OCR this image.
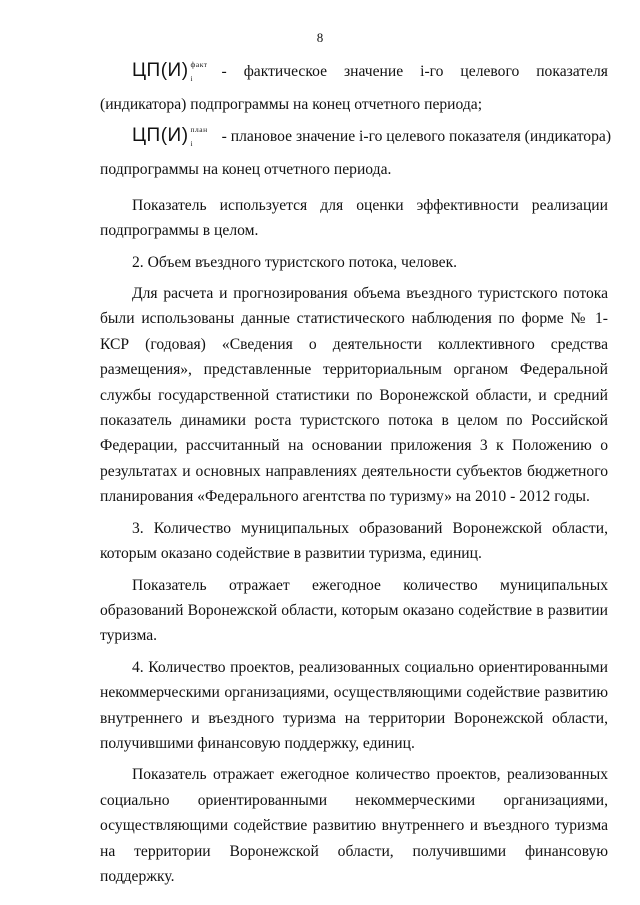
8
ЦП(И) факт
i	- фактическое значение i-го целевого показателя

(индикатора) подпрограммы на конец отчетного периода;

ЦП(И) план
i	- плановое значение i-го целевого показателя (индикатора)

подпрограммы на конец отчетного периода.

Показатель используется для оценки эффективности реализации подпрограммы в целом.

2. Объем въездного туристского потока, человек.

Для расчета и прогнозирования объема въездного туристского потока были использованы данные статистического наблюдения по форме № 1-КСР (годовая) «Сведения о деятельности коллективного средства размещения», представленные территориальным органом Федеральной службы государственной статистики по Воронежской области, и средний показатель динамики роста туристского потока в целом по Российской Федерации, рассчитанный на основании приложения 3 к Положению о результатах и основных направлениях деятельности субъектов бюджетного планирования «Федерального агентства по туризму» на 2010 - 2012 годы.

3. Количество муниципальных образований Воронежской области, которым оказано содействие в развитии туризма, единиц.

Показатель отражает ежегодное количество муниципальных образований Воронежской области, которым оказано содействие в развитии туризма.

4. Количество проектов, реализованных социально ориентированными некоммерческими организациями, осуществляющими содействие развитию внутреннего и въездного туризма на территории Воронежской области, получившими финансовую поддержку, единиц.

Показатель отражает ежегодное количество проектов, реализованных социально ориентированными некоммерческими организациями, осуществляющими содействие развитию внутреннего и въездного туризма на территории Воронежской области, получившими финансовую поддержку.
